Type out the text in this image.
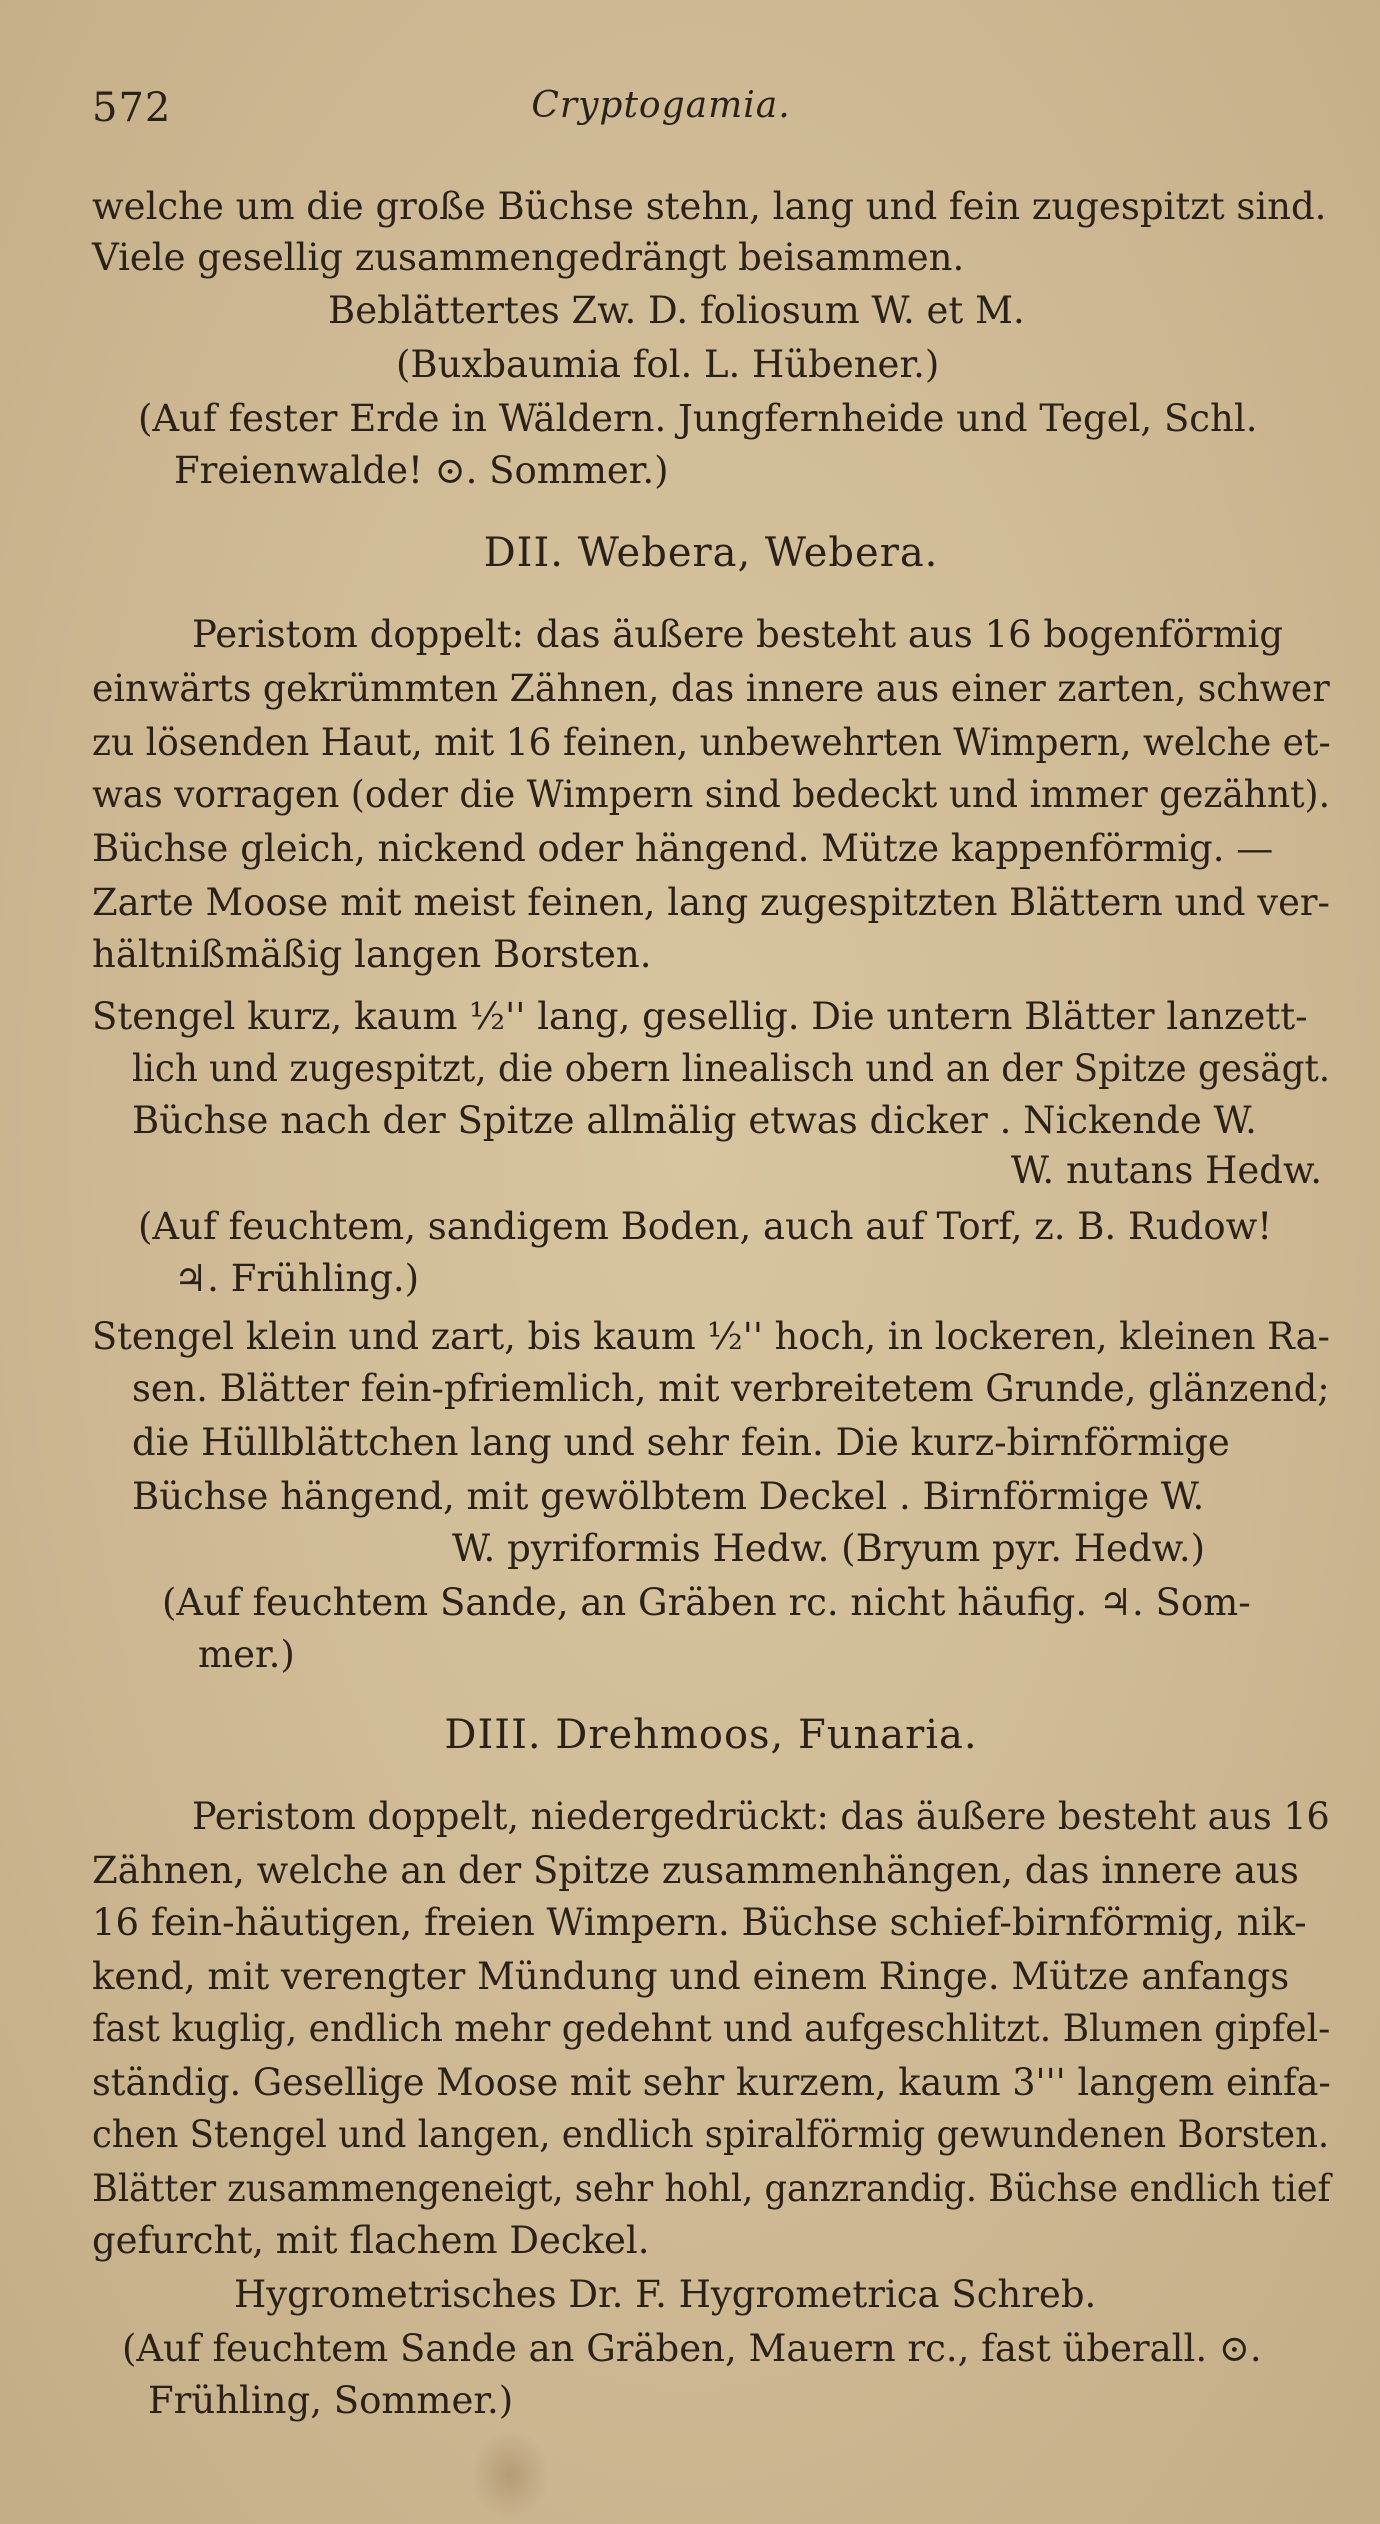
572	Cryptogamia.
welche um die große Büchse stehn, lang und fein zugespitzt sind.
Viele gesellig zusammengedrängt beisammen.
Beblättertes Zw. D. foliosum W. et M.
(Buxbaumia fol. L. Hübener.)
(Auf fester Erde in Wäldern. Jungfernheide und Tegel, Schl.
Freienwalde! ⊙. Sommer.)
DII. Webera, Webera.
Peristom doppelt: das äußere besteht aus 16 bogenförmig
einwärts gekrümmten Zähnen, das innere aus einer zarten, schwer
zu lösenden Haut, mit 16 feinen, unbewehrten Wimpern, welche et-
was vorragen (oder die Wimpern sind bedeckt und immer gezähnt).
Büchse gleich, nickend oder hängend. Mütze kappenförmig. —
Zarte Moose mit meist feinen, lang zugespitzten Blättern und ver-
hältnißmäßig langen Borsten.
Stengel kurz, kaum ½'' lang, gesellig. Die untern Blätter lanzett-
lich und zugespitzt, die obern linealisch und an der Spitze gesägt.
Büchse nach der Spitze allmälig etwas dicker . Nickende W.
W. nutans Hedw.
(Auf feuchtem, sandigem Boden, auch auf Torf, z. B. Rudow!
♃. Frühling.)
Stengel klein und zart, bis kaum ½'' hoch, in lockeren, kleinen Ra-
sen. Blätter fein-pfriemlich, mit verbreitetem Grunde, glänzend;
die Hüllblättchen lang und sehr fein. Die kurz-birnförmige
Büchse hängend, mit gewölbtem Deckel . Birnförmige W.
W. pyriformis Hedw. (Bryum pyr. Hedw.)
(Auf feuchtem Sande, an Gräben rc. nicht häufig. ♃. Som-
mer.)
DIII. Drehmoos, Funaria.
Peristom doppelt, niedergedrückt: das äußere besteht aus 16
Zähnen, welche an der Spitze zusammenhängen, das innere aus
16 fein-häutigen, freien Wimpern. Büchse schief-birnförmig, nik-
kend, mit verengter Mündung und einem Ringe. Mütze anfangs
fast kuglig, endlich mehr gedehnt und aufgeschlitzt. Blumen gipfel-
ständig. Gesellige Moose mit sehr kurzem, kaum 3''' langem einfa-
chen Stengel und langen, endlich spiralförmig gewundenen Borsten.
Blätter zusammengeneigt, sehr hohl, ganzrandig. Büchse endlich tief
gefurcht, mit flachem Deckel.
Hygrometrisches Dr. F. Hygrometrica Schreb.
(Auf feuchtem Sande an Gräben, Mauern rc., fast überall. ⊙.
Frühling, Sommer.)
